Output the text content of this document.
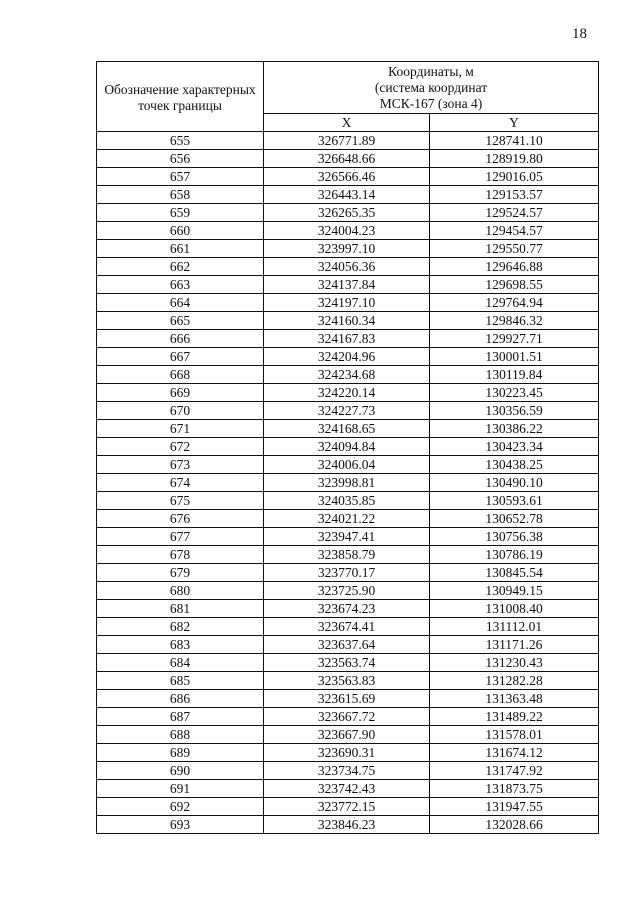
18
Обозначение характерных точек границы	Координаты, м
(система координат
МСК-167 (зона 4)	
	X	Y
655	326771.89	128741.10
656	326648.66	128919.80
657	326566.46	129016.05
658	326443.14	129153.57
659	326265.35	129524.57
660	324004.23	129454.57
661	323997.10	129550.77
662	324056.36	129646.88
663	324137.84	129698.55
664	324197.10	129764.94
665	324160.34	129846.32
666	324167.83	129927.71
667	324204.96	130001.51
668	324234.68	130119.84
669	324220.14	130223.45
670	324227.73	130356.59
671	324168.65	130386.22
672	324094.84	130423.34
673	324006.04	130438.25
674	323998.81	130490.10
675	324035.85	130593.61
676	324021.22	130652.78
677	323947.41	130756.38
678	323858.79	130786.19
679	323770.17	130845.54
680	323725.90	130949.15
681	323674.23	131008.40
682	323674.41	131112.01
683	323637.64	131171.26
684	323563.74	131230.43
685	323563.83	131282.28
686	323615.69	131363.48
687	323667.72	131489.22
688	323667.90	131578.01
689	323690.31	131674.12
690	323734.75	131747.92
691	323742.43	131873.75
692	323772.15	131947.55
693	323846.23	132028.66
